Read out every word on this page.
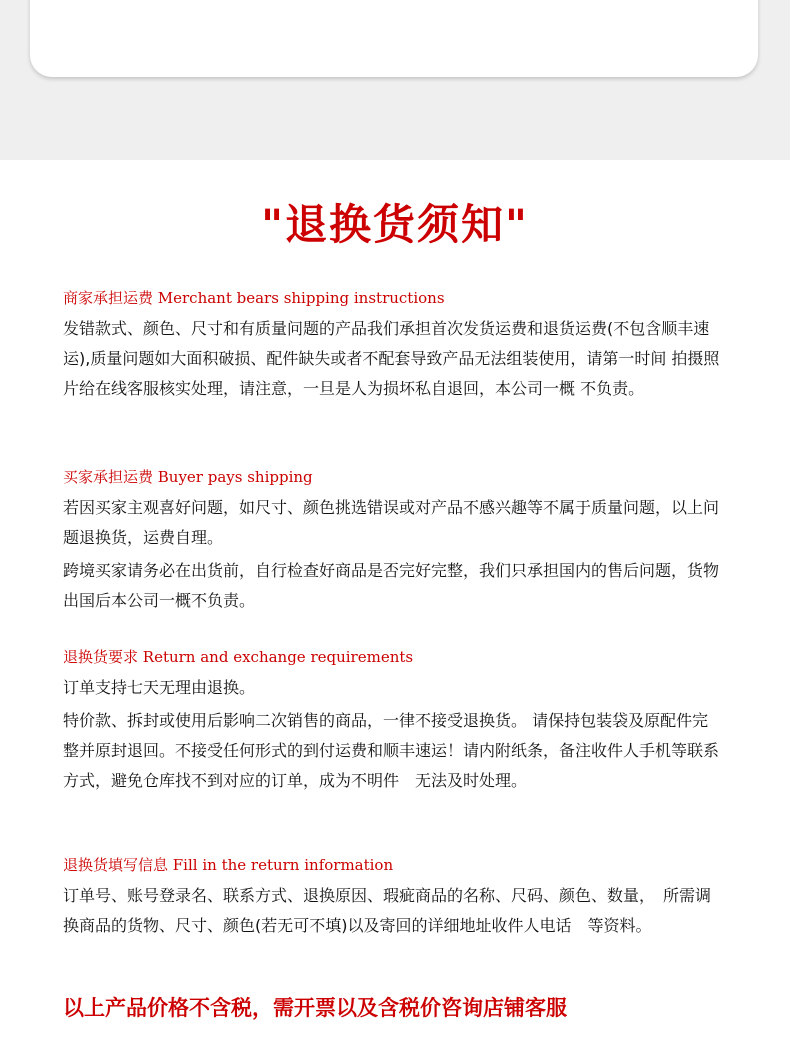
"退换货须知"

商家承担运费 Merchant bears shipping instructions

发错款式、颜色、尺寸和有质量问题的产品我们承担首次发货运费和退货运费(不包含顺丰速运),质量问题如大面积破损、配件缺失或者不配套导致产品无法组装使用，请第一时间 拍摄照片给在线客服核实处理，请注意，一旦是人为损坏私自退回，本公司一概 不负责。

买家承担运费 Buyer pays shipping

若因买家主观喜好问题，如尺寸、颜色挑选错误或对产品不感兴趣等不属于质量问题，以上问题退换货，运费自理。

跨境买家请务必在出货前，自行检查好商品是否完好完整，我们只承担国内的售后问题，货物出国后本公司一概不负责。

退换货要求 Return and exchange requirements

订单支持七天无理由退换。

特价款、拆封或使用后影响二次销售的商品，一律不接受退换货。 请保持包装袋及原配件完整并原封退回。不接受任何形式的到付运费和顺丰速运！请内附纸条，备注收件人手机等联系方式，避免仓库找不到对应的订单，成为不明件　无法及时处理。

退换货填写信息 Fill in the return information

订单号、账号登录名、联系方式、退换原因、瑕疵商品的名称、尺码、颜色、数量，　所需调换商品的货物、尺寸、颜色(若无可不填)以及寄回的详细地址收件人电话　等资料。

以上产品价格不含税，需开票以及含税价咨询店铺客服
